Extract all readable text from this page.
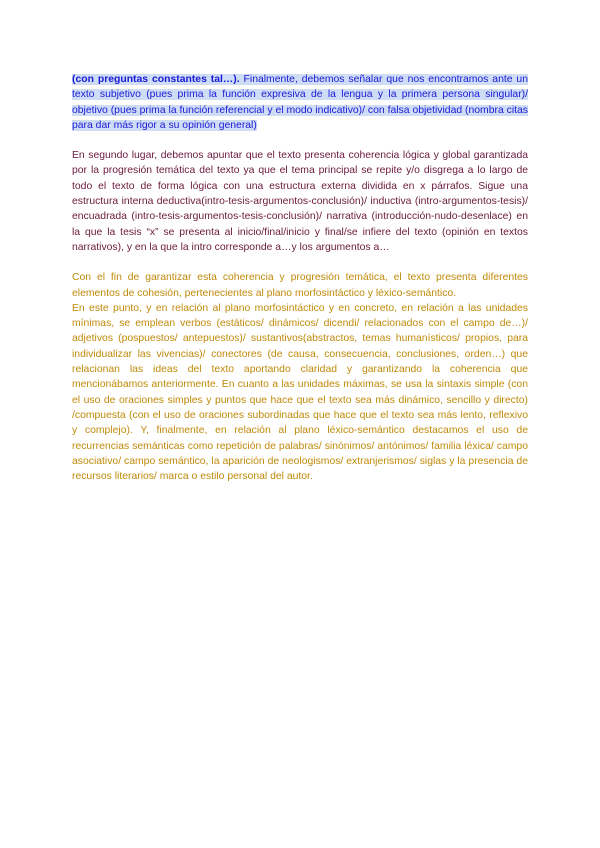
(con preguntas constantes tal…). Finalmente, debemos señalar que nos encontramos ante un texto subjetivo (pues prima la función expresiva de la lengua y la primera persona singular)/ objetivo (pues prima la función referencial y el modo indicativo)/ con falsa objetividad (nombra citas para dar más rigor a su opinión general)

En segundo lugar, debemos apuntar que el texto presenta coherencia lógica y global garantizada por la progresión temática del texto ya que el tema principal se repite y/o disgrega a lo largo de todo el texto de forma lógica con una estructura externa dividida en x párrafos. Sigue una estructura interna deductiva(intro-tesis-argumentos-conclusión)/ inductiva (intro-argumentos-tesis)/ encuadrada (intro-tesis-argumentos-tesis-conclusión)/ narrativa (introducción-nudo-desenlace) en la que la tesis “x” se presenta al inicio/final/inicio y final/se infiere del texto (opinión en textos narrativos), y en la que la intro corresponde a…y los argumentos a…

Con el fin de garantizar esta coherencia y progresión temática, el texto presenta diferentes elementos de cohesión, pertenecientes al plano morfosintáctico y léxico-semántico.

En este punto, y en relación al plano morfosintáctico y en concreto, en relación a las unidades mínimas, se emplean verbos (estáticos/ dinámicos/ dicendi/ relacionados con el campo de…)/ adjetivos (pospuestos/ antepuestos)/ sustantivos(abstractos, temas humanísticos/ propios, para individualizar las vivencias)/ conectores (de causa, consecuencia, conclusiones, orden…) que relacionan las ideas del texto aportando claridad y garantizando la coherencia que mencionábamos anteriormente. En cuanto a las unidades máximas, se usa la sintaxis simple (con el uso de oraciones simples y puntos que hace que el texto sea más dinámico, sencillo y directo) /compuesta (con el uso de oraciones subordinadas que hace que el texto sea más lento, reflexivo y complejo). Y, finalmente, en relación al plano léxico-semántico destacamos el uso de recurrencias semánticas como repetición de palabras/ sinónimos/ antónimos/ familia léxica/ campo asociativo/ campo semántico, la aparición de neologismos/ extranjerismos/ siglas y la presencia de recursos literarios/ marca o estilo personal del autor.
